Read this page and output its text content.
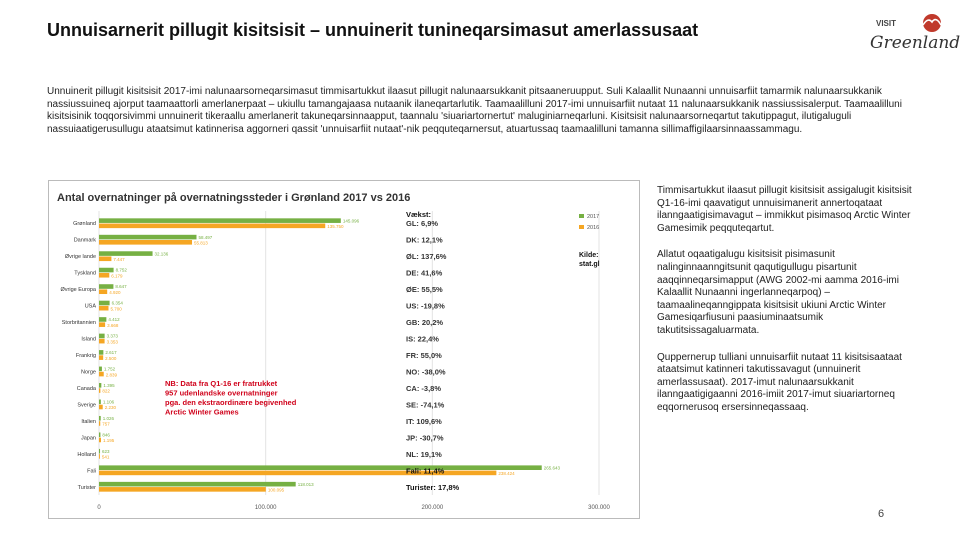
Unnuisarnerit pillugit kisitsisit – unnuinerit tunineqarsimasut amerlassusaat	VISIT
Greenland
Unnuinerit pillugit kisitsisit 2017-imi nalunaarsorneqarsimasut timmisartukkut ilaasut pillugit nalunaarsukkanit pitsaaneruupput. Suli Kalaallit Nunaanni unnuisarfiit tamarmik nalunaarsukkanik nassiussuineq ajorput taamaattorli amerlanerpaat – ukiullu tamangajaasa nutaanik ilaneqartarlutik. Taamaalilluni 2017-imi unnuisarfiit nutaat 11 nalunaarsukkanik nassiussisalerput. Taamaalilluni kisitsisinik toqqorsivimmi unnuinerit tikeraallu amerlanerit takuneqarsinnaapput, taannalu 'siuariartornertut' maluginiarneqarluni. Kisitsisit nalunaarsorneqartut takutippagut, ilutigaluguli nassuiaatigerusullugu ataatsimut katinnerisa aggorneri qassit 'unnuisarfiit nutaat'-nik peqquteqarnersut, atuartussaq taamaalilluni tamanna sillimaffigilaarsinnaassammagu.
Antal overnatninger på overnatningssteder i Grønland 2017 vs 2016
0	100.000	200.000	300.000
Grønland
145.096
135.750	GL: 6,9%
Danmark
58.497
55.813	DK: 12,1%
Øvrige lande
32.136
7.447	ØL: 137,6%
Tyskland
8.752
6.179	DE: 41,6%
Øvrige Europa
8.647
4.920	ØE: 55,5%
USA
6.354
5.700	US: -19,8%
Storbritannien
4.412
3.668	GB: 20,2%
Island
3.373
3.353	IS: 22,4%
Frankrig
2.617
2.500	FR: 55,0%
Norge
1.752
2.839	NO: -38,0%
Canada
1.395
822	CA: -3,8%
Sverige
1.106
2.230	SE: -74,1%
Italien
1.026
757	IT: 109,6%
Japan
846
1.195	JP: -30,7%
Holland
623
541	NL: 19,1%
Fali
265.643
238.424
Fali: 11,4%
Turister
118.013
100.095	Turister: 17,8%
Vækst:	2017
2016
Kilde:
stat.gl
NB: Data fra Q1-16 er fratrukket 957 udenlandske overnatninger pga. den ekstraordinære begivenhed Arctic Winter Games

Timmisartukkut ilaasut pillugit kisitsisit assigalugit kisitsisit Q1-16-imi qaavatigut unnuisimanerit annertoqataat ilanngaatigisimavagut – immikkut pisimasoq Arctic Winter Gamesimik peqquteqartut.

Allatut oqaatigalugu kisitsisit pisimasunit nalinginnaanngitsunit qaqutigullugu pisartunit aaqqinneqarsimapput (AWG 2002-mi aamma 2016-imi Kalaallit Nunaanni ingerlanneqarpoq) – taamaalineqanngippata kisitsisit ukiuni Arctic Winter Gamesiqarfiusuni paasiuminaatsumik takutitsissagaluarmata.

Quppernerup tulliani unnuisarfiit nutaat 11 kisitsisaataat ataatsimut katinneri takutissavagut (unnuinerit amerlassusaat). 2017-imut nalunaarsukkanit ilanngaatigigaanni 2016-imiit 2017-imut siuariartorneq eqqornerusoq ersersinneqassaaq.

6
